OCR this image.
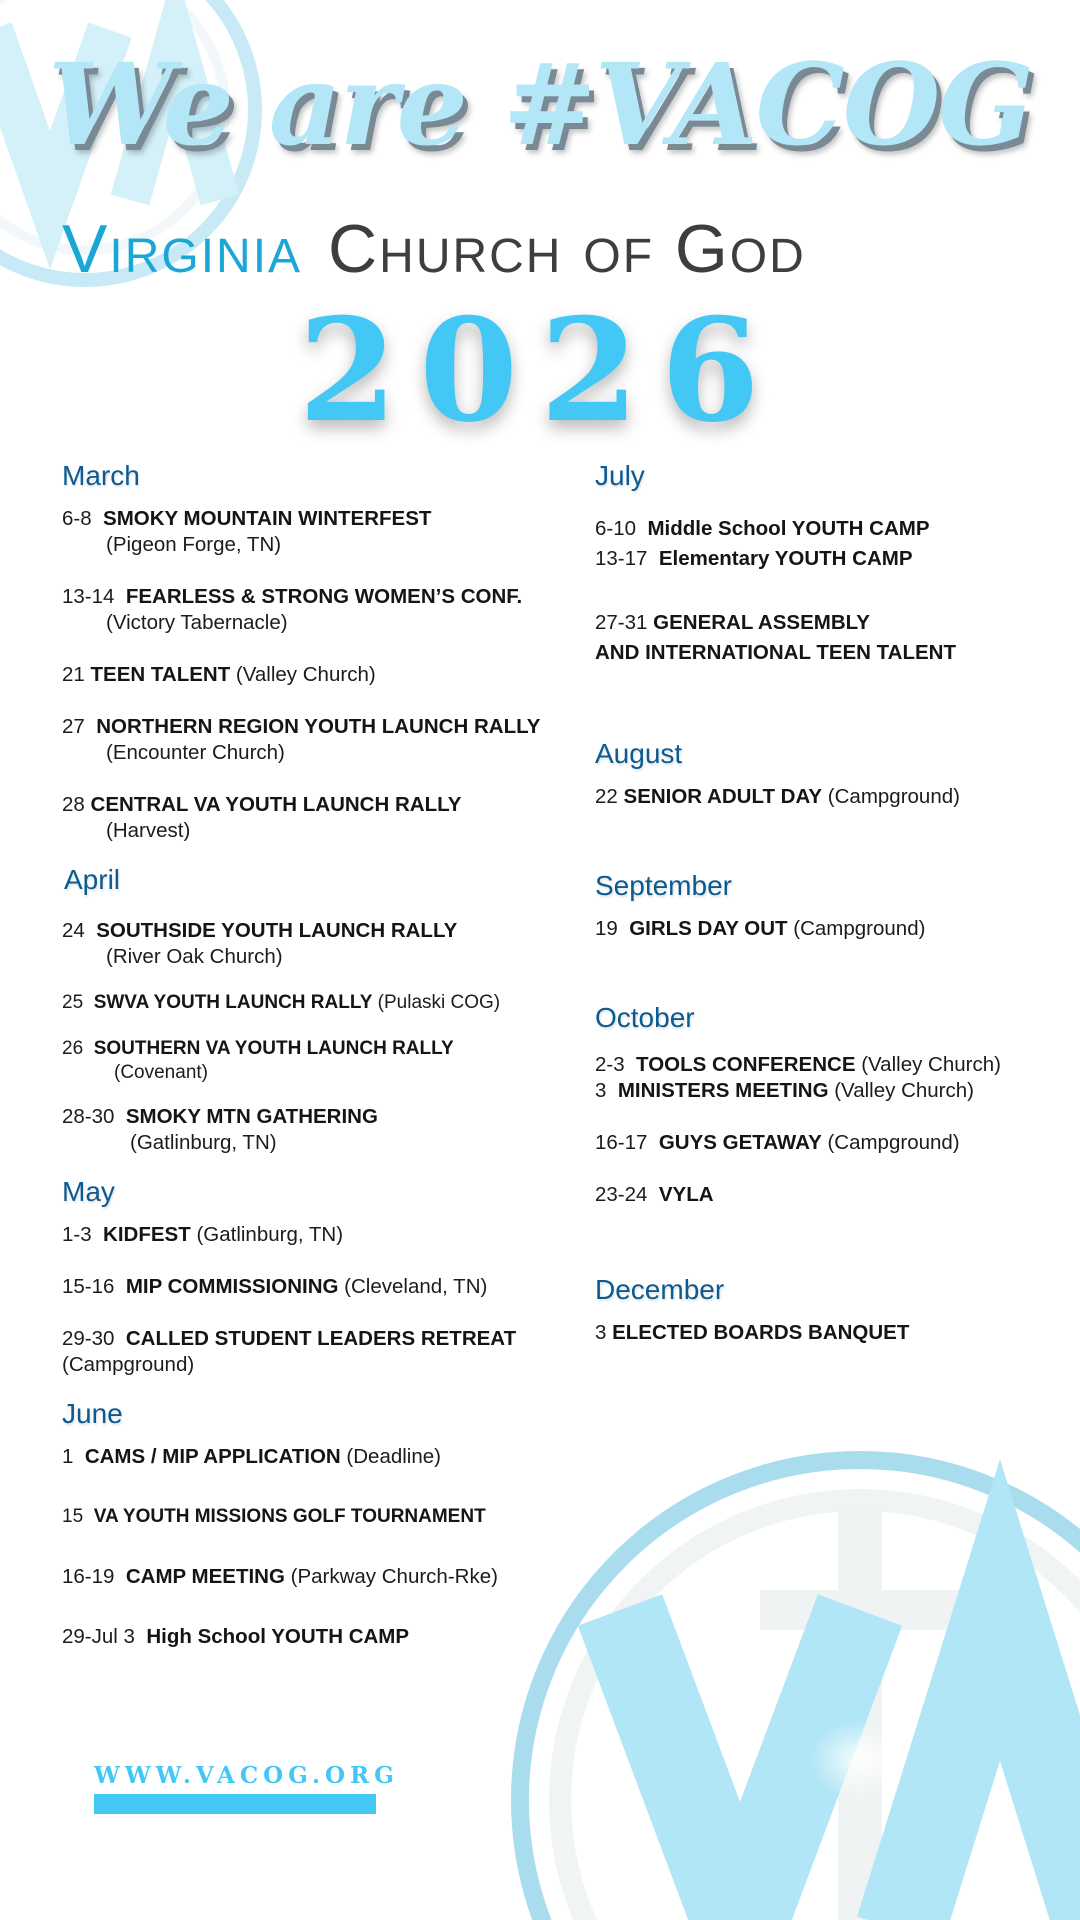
We are #VACOG
Virginia Church of God
2026
March
6-8 SMOKY MOUNTAIN WINTERFEST
(Pigeon Forge, TN)
13-14 FEARLESS & STRONG WOMEN’S CONF.
(Victory Tabernacle)
21 TEEN TALENT (Valley Church)
27 NORTHERN REGION YOUTH LAUNCH RALLY
(Encounter Church)
28 CENTRAL VA YOUTH LAUNCH RALLY
(Harvest)
April
24 SOUTHSIDE YOUTH LAUNCH RALLY
(River Oak Church)
25 SWVA YOUTH LAUNCH RALLY (Pulaski COG)
26 SOUTHERN VA YOUTH LAUNCH RALLY
(Covenant)
28-30 SMOKY MTN GATHERING
(Gatlinburg, TN)
May
1-3 KIDFEST (Gatlinburg, TN)
15-16 MIP COMMISSIONING (Cleveland, TN)
29-30 CALLED STUDENT LEADERS RETREAT
(Campground)
June
1 CAMS / MIP APPLICATION (Deadline)
15 VA YOUTH MISSIONS GOLF TOURNAMENT
16-19 CAMP MEETING (Parkway Church-Rke)
29-Jul 3 High School YOUTH CAMP
July
6-10 Middle School YOUTH CAMP
13-17 Elementary YOUTH CAMP
27-31 GENERAL ASSEMBLY
AND INTERNATIONAL TEEN TALENT
August
22 SENIOR ADULT DAY (Campground)
September
19 GIRLS DAY OUT (Campground)
October
2-3 TOOLS CONFERENCE (Valley Church)
3 MINISTERS MEETING (Valley Church)
16-17 GUYS GETAWAY (Campground)
23-24 VYLA
December
3 ELECTED BOARDS BANQUET
WWW.VACOG.ORG
